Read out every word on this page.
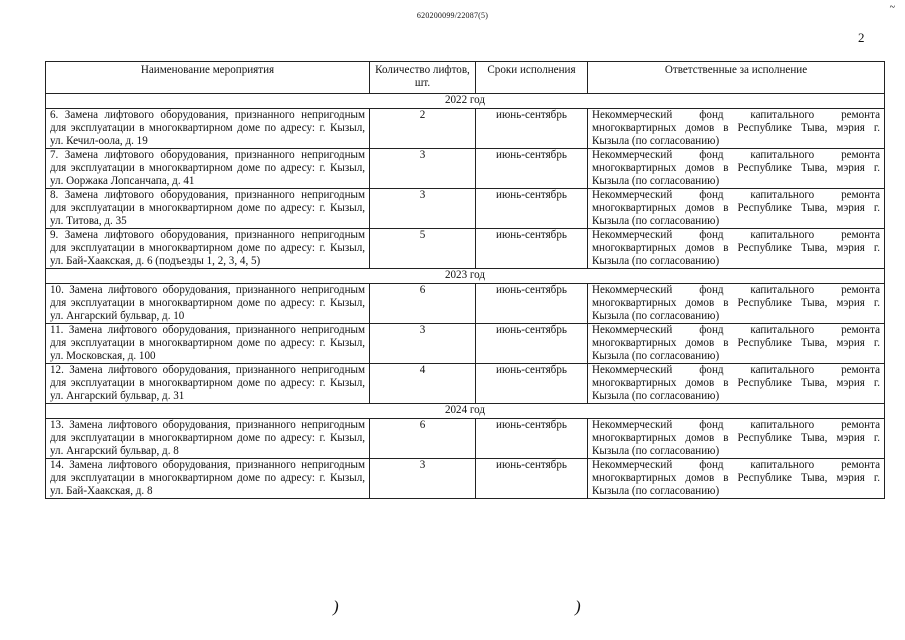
620200099/22087(5)
~
2
Наименование мероприятия	Количество лифтов, шт.	Сроки исполнения	Ответственные за исполнение
2022 год			
6. Замена лифтового оборудования, признанного непригодным для эксплуатации в многоквартирном доме по адресу: г. Кызыл, ул. Кечил-оола, д. 19	2	июнь-сентябрь	Некоммерческий фонд капитального ремонта многоквартирных домов в Республике Тыва, мэрия г. Кызыла (по согласованию)
7. Замена лифтового оборудования, признанного непригодным для эксплуатации в многоквартирном доме по адресу: г. Кызыл, ул. Ооржака Лопсанчапа, д. 41	3	июнь-сентябрь	Некоммерческий фонд капитального ремонта многоквартирных домов в Республике Тыва, мэрия г. Кызыла (по согласованию)
8. Замена лифтового оборудования, признанного непригодным для эксплуатации в многоквартирном доме по адресу: г. Кызыл, ул. Титова, д. 35	3	июнь-сентябрь	Некоммерческий фонд капитального ремонта многоквартирных домов в Республике Тыва, мэрия г. Кызыла (по согласованию)
9. Замена лифтового оборудования, признанного непригодным для эксплуатации в многоквартирном доме по адресу: г. Кызыл, ул. Бай-Хаакская, д. 6 (подъезды 1, 2, 3, 4, 5)	5	июнь-сентябрь	Некоммерческий фонд капитального ремонта многоквартирных домов в Республике Тыва, мэрия г. Кызыла (по согласованию)
2023 год			
10. Замена лифтового оборудования, признанного непригодным для эксплуатации в многоквартирном доме по адресу: г. Кызыл, ул. Ангарский бульвар, д. 10	6	июнь-сентябрь	Некоммерческий фонд капитального ремонта многоквартирных домов в Республике Тыва, мэрия г. Кызыла (по согласованию)
11. Замена лифтового оборудования, признанного непригодным для эксплуатации в многоквартирном доме по адресу: г. Кызыл, ул. Московская, д. 100	3	июнь-сентябрь	Некоммерческий фонд капитального ремонта многоквартирных домов в Республике Тыва, мэрия г. Кызыла (по согласованию)
12. Замена лифтового оборудования, признанного непригодным для эксплуатации в многоквартирном доме по адресу: г. Кызыл, ул. Ангарский бульвар, д. 31	4	июнь-сентябрь	Некоммерческий фонд капитального ремонта многоквартирных домов в Республике Тыва, мэрия г. Кызыла (по согласованию)
2024 год			
13. Замена лифтового оборудования, признанного непригодным для эксплуатации в многоквартирном доме по адресу: г. Кызыл, ул. Ангарский бульвар, д. 8	6	июнь-сентябрь	Некоммерческий фонд капитального ремонта многоквартирных домов в Республике Тыва, мэрия г. Кызыла (по согласованию)
14. Замена лифтового оборудования, признанного непригодным для эксплуатации в многоквартирном доме по адресу: г. Кызыл, ул. Бай-Хаакская, д. 8	3	июнь-сентябрь	Некоммерческий фонд капитального ремонта многоквартирных домов в Республике Тыва, мэрия г. Кызыла (по согласованию)
)	)
